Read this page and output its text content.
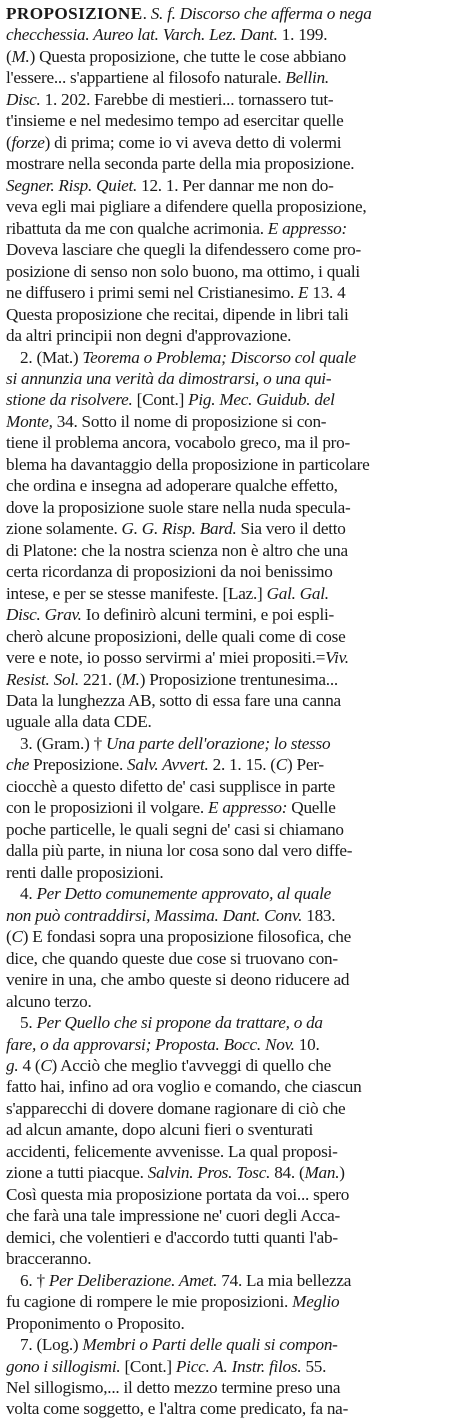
PROPOSIZIONE. S. f. Discorso che afferma o nega
checchessia. Aureo lat. Varch. Lez. Dant. 1. 199.
(M.) Questa proposizione, che tutte le cose abbiano
l'essere... s'appartiene al filosofo naturale. Bellin.
Disc. 1. 202. Farebbe di mestieri... tornassero tut-
t'insieme e nel medesimo tempo ad esercitar quelle
(forze) di prima; come io vi aveva detto di volermi
mostrare nella seconda parte della mia proposizione.
Segner. Risp. Quiet. 12. 1. Per dannar me non do-
veva egli mai pigliare a difendere quella proposizione,
ribattuta da me con qualche acrimonia. E appresso:
Doveva lasciare che quegli la difendessero come pro-
posizione di senso non solo buono, ma ottimo, i quali
ne diffusero i primi semi nel Cristianesimo. E 13. 4
Questa proposizione che recitai, dipende in libri tali
da altri principii non degni d'approvazione.
2. (Mat.) Teorema o Problema; Discorso col quale
si annunzia una verità da dimostrarsi, o una qui-
stione da risolvere. [Cont.] Pig. Mec. Guidub. del
Monte, 34. Sotto il nome di proposizione si con-
tiene il problema ancora, vocabolo greco, ma il pro-
blema ha davantaggio della proposizione in particolare
che ordina e insegna ad adoperare qualche effetto,
dove la proposizione suole stare nella nuda specula-
zione solamente. G. G. Risp. Bard. Sia vero il detto
di Platone: che la nostra scienza non è altro che una
certa ricordanza di proposizioni da noi benissimo
intese, e per se stesse manifeste. [Laz.] Gal. Gal.
Disc. Grav. Io definirò alcuni termini, e poi espli-
cherò alcune proposizioni, delle quali come di cose
vere e note, io posso servirmi a' miei propositi.=Viv.
Resist. Sol. 221. (M.) Proposizione trentunesima...
Data la lunghezza AB, sotto di essa fare una canna
uguale alla data CDE.
3. (Gram.) † Una parte dell'orazione; lo stesso
che Preposizione. Salv. Avvert. 2. 1. 15. (C) Per-
ciocchè a questo difetto de' casi supplisce in parte
con le proposizioni il volgare. E appresso: Quelle
poche particelle, le quali segni de' casi si chiamano
dalla più parte, in niuna lor cosa sono dal vero diffe-
renti dalle proposizioni.
4. Per Detto comunemente approvato, al quale
non può contraddirsi, Massima. Dant. Conv. 183.
(C) E fondasi sopra una proposizione filosofica, che
dice, che quando queste due cose si truovano con-
venire in una, che ambo queste si deono riducere ad
alcuno terzo.
5. Per Quello che si propone da trattare, o da
fare, o da approvarsi; Proposta. Bocc. Nov. 10.
g. 4 (C) Acciò che meglio t'avveggi di quello che
fatto hai, infino ad ora voglio e comando, che ciascun
s'apparecchi di dovere domane ragionare di ciò che
ad alcun amante, dopo alcuni fieri o sventurati
accidenti, felicemente avvenisse. La qual proposi-
zione a tutti piacque. Salvin. Pros. Tosc. 84. (Man.)
Così questa mia proposizione portata da voi... spero
che farà una tale impressione ne' cuori degli Acca-
demici, che volentieri e d'accordo tutti quanti l'ab-
bracceranno.
6. † Per Deliberazione. Amet. 74. La mia bellezza
fu cagione di rompere le mie proposizioni. Meglio
Proponimento o Proposito.
7. (Log.) Membri o Parti delle quali si compon-
gono i sillogismi. [Cont.] Picc. A. Instr. filos. 55.
Nel sillogismo,... il detto mezzo termine preso una
volta come soggetto, e l'altra come predicato, fa na-
